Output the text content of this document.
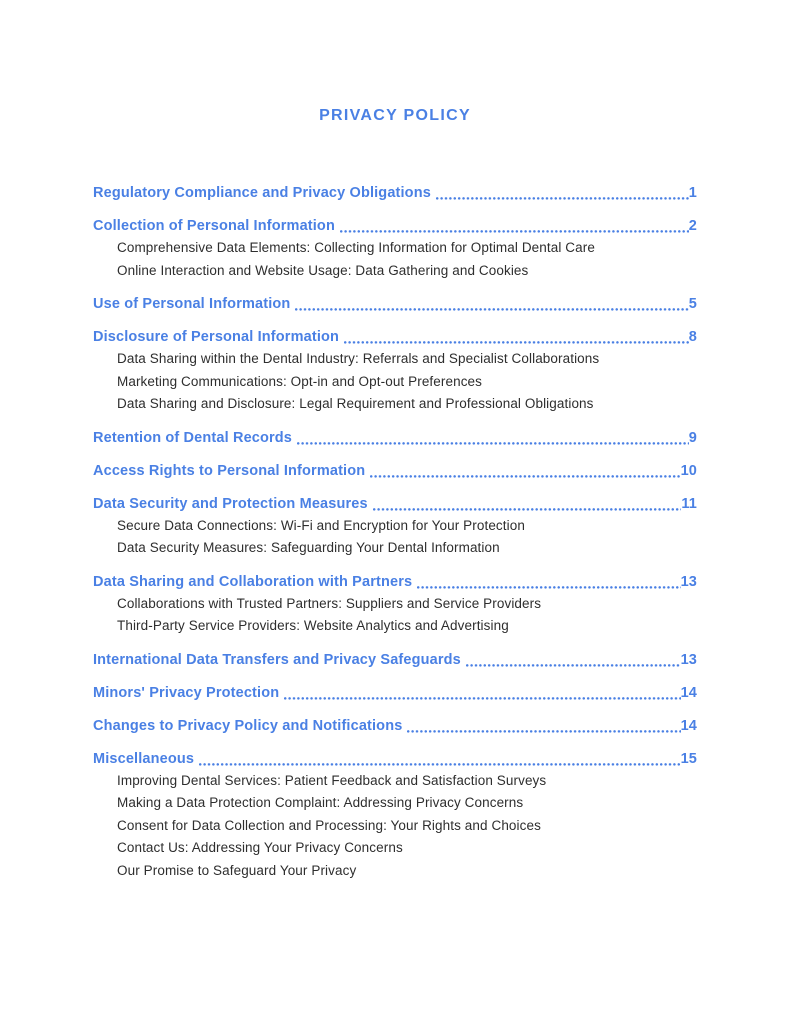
PRIVACY POLICY
Regulatory Compliance and Privacy Obligations	1
Collection of Personal Information	2
Comprehensive Data Elements: Collecting Information for Optimal Dental Care
Online Interaction and Website Usage: Data Gathering and Cookies
Use of Personal Information	5
Disclosure of Personal Information	8
Data Sharing within the Dental Industry: Referrals and Specialist Collaborations
Marketing Communications: Opt-in and Opt-out Preferences
Data Sharing and Disclosure: Legal Requirement and Professional Obligations
Retention of Dental Records	9
Access Rights to Personal Information	10
Data Security and Protection Measures	11
Secure Data Connections: Wi-Fi and Encryption for Your Protection
Data Security Measures: Safeguarding Your Dental Information
Data Sharing and Collaboration with Partners	13
Collaborations with Trusted Partners: Suppliers and Service Providers
Third-Party Service Providers: Website Analytics and Advertising
International Data Transfers and Privacy Safeguards	13
Minors' Privacy Protection	14
Changes to Privacy Policy and Notifications	14
Miscellaneous	15
Improving Dental Services: Patient Feedback and Satisfaction Surveys
Making a Data Protection Complaint: Addressing Privacy Concerns
Consent for Data Collection and Processing: Your Rights and Choices
Contact Us: Addressing Your Privacy Concerns
Our Promise to Safeguard Your Privacy
